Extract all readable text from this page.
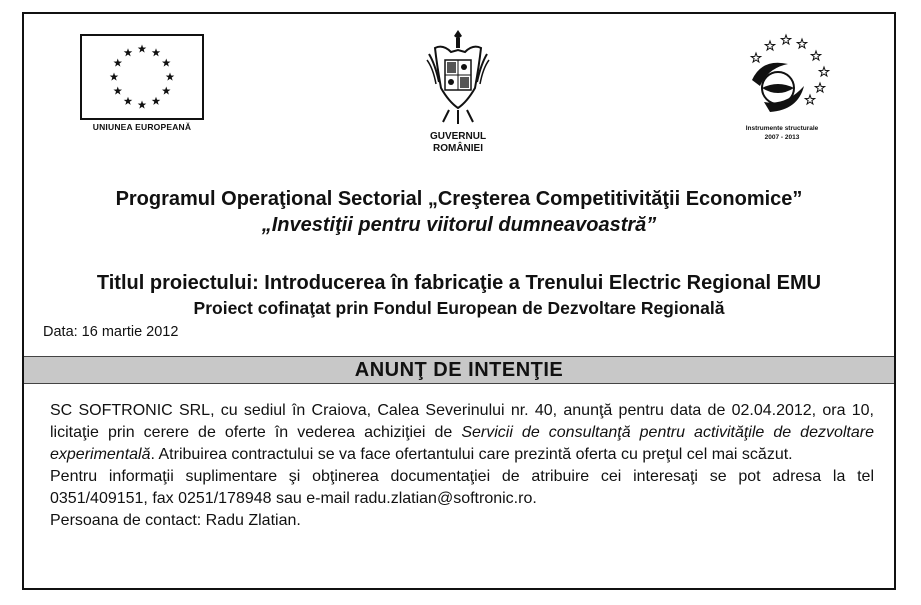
UNIUNEA EUROPEANĂ
GUVERNUL
ROMÂNIEI
Instrumente structurale
2007 - 2013
Programul Operaţional Sectorial „Creşterea Competitivităţii Economice”
„Investiţii pentru viitorul dumneavoastră”
Titlul proiectului: Introducerea în fabricaţie a Trenului Electric Regional EMU
Proiect cofinaţat prin Fondul European de Dezvoltare Regională
Data: 16 martie 2012
ANUNŢ DE INTENŢIE

SC SOFTRONIC SRL, cu sediul în Craiova, Calea Severinului nr. 40, anunţă pentru data de 02.04.2012, ora 10, licitaţie prin cerere de oferte în vederea achiziţiei de Servicii de consultanţă pentru activităţile de dezvoltare experimentală. Atribuirea contractului se va face ofertantului care prezintă oferta cu preţul cel mai scăzut.

Pentru informaţii suplimentare şi obţinerea documentaţiei de atribuire cei interesaţi se pot adresa la tel 0351/409151, fax 0251/178948 sau e-mail radu.zlatian@softronic.ro.

Persoana de contact: Radu Zlatian.
